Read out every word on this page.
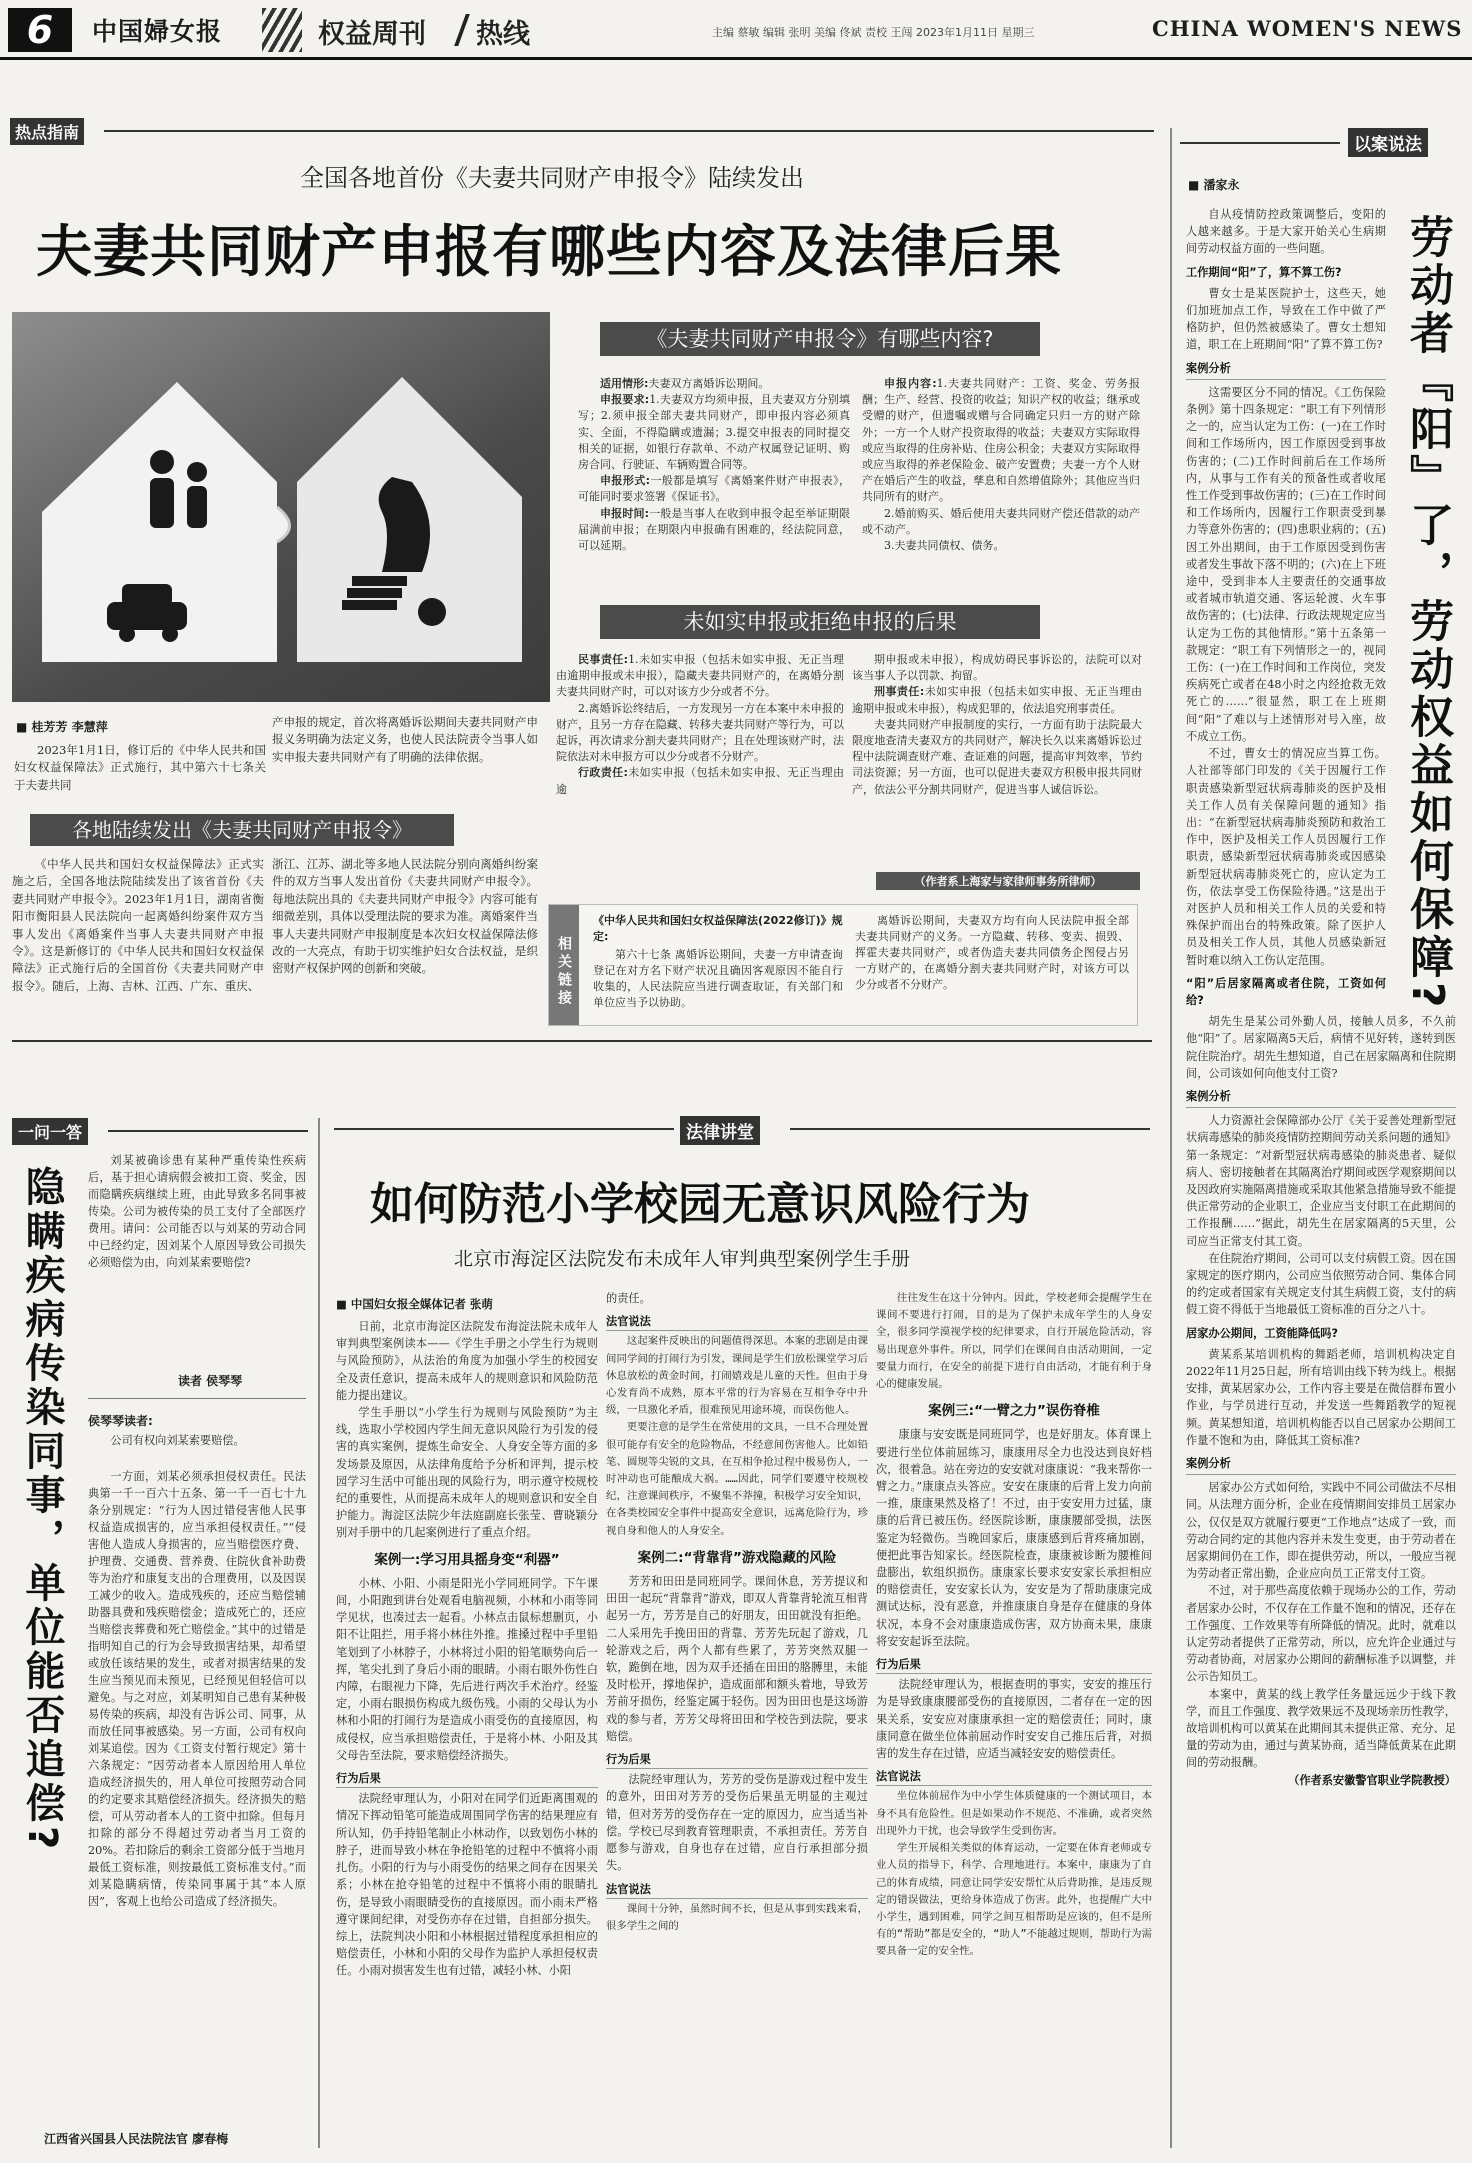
6	中国婦女报	权益周刊 热线	主编 蔡敏 编辑 张明 美编 佟斌 责校 王闯 2023年1月11日 星期三	CHINA WOMEN'S NEWS
热点指南
全国各地首份《夫妻共同财产申报令》陆续发出
夫妻共同财产申报有哪些内容及法律后果
■ 桂芳芳 李慧萍

2023年1月1日，修订后的《中华人民共和国妇女权益保障法》正式施行，其中第六十七条关于夫妻共同

产申报的规定，首次将离婚诉讼期间夫妻共同财产申报义务明确为法定义务，也使人民法院责令当事人如实申报夫妻共同财产有了明确的法律依据。

各地陆续发出《夫妻共同财产申报令》

《中华人民共和国妇女权益保障法》正式实施之后，全国各地法院陆续发出了该省首份《夫妻共同财产申报令》。2023年1月1日，湖南省衡阳市衡阳县人民法院向一起离婚纠纷案件双方当事人发出《离婚案件当事人夫妻共同财产申报令》。这是新修订的《中华人民共和国妇女权益保障法》正式施行后的全国首份《夫妻共同财产申报令》。随后，上海、吉林、江西、广东、重庆、

浙江、江苏、湖北等多地人民法院分别向离婚纠纷案件的双方当事人发出首份《夫妻共同财产申报令》。每地法院出具的《夫妻共同财产申报令》内容可能有细微差别，具体以受理法院的要求为准。离婚案件当事人夫妻共同财产申报制度是本次妇女权益保障法修改的一大亮点，有助于切实维护妇女合法权益，是织密财产权保护网的创新和突破。

《夫妻共同财产申报令》有哪些内容?

适用情形:夫妻双方离婚诉讼期间。

申报要求:1.夫妻双方均须申报，且夫妻双方分别填写；2.须申报全部夫妻共同财产，即申报内容必须真实、全面，不得隐瞒或遗漏；3.提交申报表的同时提交相关的证据，如银行存款单、不动产权属登记证明、购房合同、行驶证、车辆购置合同等。

申报形式:一般都是填写《离婚案件财产申报表》，可能同时要求签署《保证书》。

申报时间:一般是当事人在收到申报令起至举证期限届满前申报；在期限内申报确有困难的，经法院同意，可以延期。

申报内容:1.夫妻共同财产：工资、奖金、劳务报酬；生产、经营、投资的收益；知识产权的收益；继承或受赠的财产，但遗嘱或赠与合同确定只归一方的财产除外；一方一个人财产投资取得的收益；夫妻双方实际取得或应当取得的住房补贴、住房公积金；夫妻双方实际取得或应当取得的养老保险金、破产安置费；夫妻一方个人财产在婚后产生的收益，孳息和自然增值除外；其他应当归共同所有的财产。

2.婚前购买、婚后使用夫妻共同财产偿还借款的动产或不动产。

3.夫妻共同债权、债务。

未如实申报或拒绝申报的后果

民事责任:1.未如实申报（包括未如实申报、无正当理由逾期申报或未申报），隐藏夫妻共同财产的，在离婚分割夫妻共同财产时，可以对该方少分或者不分。

2.离婚诉讼终结后，一方发现另一方在本案中未申报的财产，且另一方存在隐藏、转移夫妻共同财产等行为，可以起诉，再次请求分割夫妻共同财产；且在处理该财产时，法院依法对未申报方可以少分或者不分财产。

行政责任:未如实申报（包括未如实申报、无正当理由逾

期申报或未申报），构成妨碍民事诉讼的，法院可以对该当事人予以罚款、拘留。

刑事责任:未如实申报（包括未如实申报、无正当理由逾期申报或未申报），构成犯罪的，依法追究刑事责任。

夫妻共同财产申报制度的实行，一方面有助于法院最大限度地查清夫妻双方的共同财产，解决长久以来离婚诉讼过程中法院调查财产难、查证难的问题，提高审判效率，节约司法资源；另一方面，也可以促进夫妻双方积极申报共同财产，依法公平分割共同财产，促进当事人诚信诉讼。

（作者系上海家与家律师事务所律师）
相关链接
《中华人民共和国妇女权益保障法(2022修订)》规定:

第六十七条 离婚诉讼期间，夫妻一方申请查询登记在对方名下财产状况且确因客观原因不能自行收集的，人民法院应当进行调查取证，有关部门和单位应当予以协助。

离婚诉讼期间，夫妻双方均有向人民法院申报全部夫妻共同财产的义务。一方隐藏、转移、变卖、损毁、挥霍夫妻共同财产，或者伪造夫妻共同债务企图侵占另一方财产的，在离婚分割夫妻共同财产时，对该方可以少分或者不分财产。

以案说法
■ 潘家永
劳动者『阳』了，劳动权益如何保障?

自从疫情防控政策调整后，变阳的人越来越多。于是大家开始关心生病期间劳动权益方面的一些问题。

工作期间“阳”了，算不算工伤?

曹女士是某医院护士，这些天，她们加班加点工作，导致在工作中做了严格防护，但仍然被感染了。曹女士想知道，职工在上班期间“阳”了算不算工伤?

案例分析

这需要区分不同的情况。《工伤保险条例》第十四条规定：“职工有下列情形之一的，应当认定为工伤：(一)在工作时间和工作场所内，因工作原因受到事故伤害的；(二)工作时间前后在工作场所内，从事与工作有关的预备性或者收尾性工作受到事故伤害的；(三)在工作时间和工作场所内，因履行工作职责受到暴力等意外伤害的；(四)患职业病的；(五)因工外出期间，由于工作原因受到伤害或者发生事故下落不明的；(六)在上下班途中，受到非本人主要责任的交通事故或者城市轨道交通、客运轮渡、火车事故伤害的；(七)法律、行政法规规定应当认定为工伤的其他情形。”第十五条第一款规定：“职工有下列情形之一的，视同工伤：(一)在工作时间和工作岗位，突发疾病死亡或者在48小时之内经抢救无效死亡的……”很显然，职工在上班期间“阳”了难以与上述情形对号入座，故不成立工伤。

不过，曹女士的情况应当算工伤。人社部等部门印发的《关于因履行工作职责感染新型冠状病毒肺炎的医护及相关工作人员有关保障问题的通知》指出：“在新型冠状病毒肺炎预防和救治工作中，医护及相关工作人员因履行工作职责，感染新型冠状病毒肺炎或因感染新型冠状病毒肺炎死亡的，应认定为工伤，依法享受工伤保险待遇。”这是出于对医护人员和相关工作人员的关爱和特殊保护而出台的特殊政策。除了医护人员及相关工作人员，其他人员感染新冠暂时难以纳入工伤认定范围。

“阳”后居家隔离或者住院，工资如何给?

胡先生是某公司外勤人员，接触人员多，不久前他“阳”了。居家隔离5天后，病情不见好转，遂转到医院住院治疗。胡先生想知道，自己在居家隔离和住院期间，公司该如何向他支付工资?

案例分析

人力资源社会保障部办公厅《关于妥善处理新型冠状病毒感染的肺炎疫情防控期间劳动关系问题的通知》第一条规定：“对新型冠状病毒感染的肺炎患者、疑似病人、密切接触者在其隔离治疗期间或医学观察期间以及因政府实施隔离措施或采取其他紧急措施导致不能提供正常劳动的企业职工，企业应当支付职工在此期间的工作报酬……”据此，胡先生在居家隔离的5天里，公司应当正常支付其工资。

在住院治疗期间，公司可以支付病假工资。因在国家规定的医疗期内，公司应当依照劳动合同、集体合同的约定或者国家有关规定支付其生病假工资，支付的病假工资不得低于当地最低工资标准的百分之八十。

居家办公期间，工资能降低吗?

黄某系某培训机构的舞蹈老师，培训机构决定自2022年11月25日起，所有培训由线下转为线上。根据安排，黄某居家办公，工作内容主要是在微信群布置小作业，与学员进行互动，并发送一些舞蹈教学的短视频。黄某想知道，培训机构能否以自己居家办公期间工作量不饱和为由，降低其工资标准?

案例分析

居家办公方式如何给，实践中不同公司做法不尽相同。从法理方面分析，企业在疫情期间安排员工居家办公，仅仅是双方就履行要更“工作地点”达成了一致，而劳动合同约定的其他内容并未发生变更，由于劳动者在居家期间仍在工作，即在提供劳动，所以，一般应当视为劳动者正常出勤，企业应向员工正常支付工资。

不过，对于那些高度依赖于现场办公的工作，劳动者居家办公时，不仅存在工作量不饱和的情况，还存在工作强度、工作效果等有所降低的情况。此时，就难以认定劳动者提供了正常劳动，所以，应允许企业通过与劳动者协商，对居家办公期间的薪酬标准予以调整，并公示告知员工。

本案中，黄某的线上教学任务量远远少于线下教学，而且工作强度、教学效果远不及现场亲历性教学，故培训机构可以黄某在此期间其未提供正常、充分、足量的劳动为由，通过与黄某协商，适当降低黄某在此期间的劳动报酬。

（作者系安徽警官职业学院教授）

一问一答
隐瞒疾病传染同事，单位能否追偿?

刘某被确诊患有某种严重传染性疾病后，基于担心请病假会被扣工资、奖金，因而隐瞒疾病继续上班，由此导致多名同事被传染。公司为被传染的员工支付了全部医疗费用。请问：公司能否以与刘某的劳动合同中已经约定，因刘某个人原因导致公司损失必须赔偿为由，向刘某索要赔偿?

读者 侯琴琴
侯琴琴读者:

公司有权向刘某索要赔偿。

一方面，刘某必须承担侵权责任。民法典第一千一百六十五条、第一千一百七十九条分别规定：“行为人因过错侵害他人民事权益造成损害的，应当承担侵权责任。”“侵害他人造成人身损害的，应当赔偿医疗费、护理费、交通费、营养费、住院伙食补助费等为治疗和康复支出的合理费用，以及因误工减少的收入。造成残疾的，还应当赔偿辅助器具费和残疾赔偿金；造成死亡的，还应当赔偿丧葬费和死亡赔偿金。”其中的过错是指明知自己的行为会导致损害结果，却希望或放任该结果的发生，或者对损害结果的发生应当预见而未预见，已经预见但轻信可以避免。与之对应，刘某明知自己患有某种极易传染的疾病，却没有告诉公司、同事，从而放任同事被感染。另一方面，公司有权向刘某追偿。因为《工资支付暂行规定》第十六条规定：“因劳动者本人原因给用人单位造成经济损失的，用人单位可按照劳动合同的约定要求其赔偿经济损失。经济损失的赔偿，可从劳动者本人的工资中扣除。但每月扣除的部分不得超过劳动者当月工资的20%。若扣除后的剩余工资部分低于当地月最低工资标准，则按最低工资标准支付。”而刘某隐瞒病情，传染同事属于其“本人原因”，客观上也给公司造成了经济损失。

江西省兴国县人民法院法官 廖春梅
法律讲堂
如何防范小学校园无意识风险行为
北京市海淀区法院发布未成年人审判典型案例学生手册
■ 中国妇女报全媒体记者 张萌

日前，北京市海淀区法院发布海淀法院未成年人审判典型案例读本——《学生手册之小学生行为规则与风险预防》，从法治的角度为加强小学生的校园安全及责任意识，提高未成年人的规则意识和风险防范能力提出建议。

学生手册以“小学生行为规则与风险预防”为主线，选取小学校园内学生间无意识风险行为引发的侵害的真实案例，提炼生命安全、人身安全等方面的多发场景及原因，从法律角度给予分析和评判，提示校园学习生活中可能出现的风险行为，明示遵守校规校纪的重要性，从而提高未成年人的规则意识和安全自护能力。海淀区法院少年法庭副庭长张莹、曹晓颖分别对手册中的几起案例进行了重点介绍。

案例一:学习用具摇身变“利器”

小林、小阳、小雨是阳光小学同班同学。下午课间，小阳跑到讲台处观看电脑视频，小林和小雨等同学见状，也凑过去一起看。小林点击鼠标想删页，小阳不让阻拦，用手将小林往外推。推搡过程中手里铅笔划到了小林脖子，小林将过小阳的铅笔顺势向后一挥，笔尖扎到了身后小雨的眼睛。小雨右眼外伤性白内障，右眼视力下降，先后进行两次手术治疗。经鉴定，小雨右眼损伤构成九级伤残。小雨的父母认为小林和小阳的打闹行为是造成小雨受伤的直接原因，构成侵权，应当承担赔偿责任，于是将小林、小阳及其父母告至法院，要求赔偿经济损失。

行为后果

法院经审理认为，小阳对在同学们近距离围观的情况下挥动铅笔可能造成周围同学伤害的结果理应有所认知，仍手持铅笔制止小林动作，以致划伤小林的脖子，进而导致小林在争抢铅笔的过程中不慎将小雨扎伤。小阳的行为与小雨受伤的结果之间存在因果关系；小林在抢夺铅笔的过程中不慎将小雨的眼睛扎伤，是导致小雨眼睛受伤的直接原因。而小雨未严格遵守课间纪律，对受伤亦存在过错，自担部分损失。综上，法院判决小阳和小林根据过错程度承担相应的赔偿责任，小林和小阳的父母作为监护人承担侵权责任。小雨对损害发生也有过错，减轻小林、小阳

的责任。

法官说法

这起案件反映出的问题值得深思。本案的悲剧是由课间同学间的打闹行为引发，课间是学生们放松课堂学习后休息放松的黄金时间，打闹嬉戏是儿童的天性。但由于身心发育尚不成熟，原本平常的行为容易在互相争夺中升级，一旦激化矛盾，很难预见用途环境，而误伤他人。

更要注意的是学生在常使用的文具，一旦不合理处置很可能存有安全的危险物品，不经意间伤害他人。比如铅笔、圆规等尖锐的文具，在互相争抢过程中极易伤人，一时冲动也可能酿成大祸。……因此，同学们要遵守校规校纪，注意课间秩序，不聚集不莽撞，积极学习安全知识，在各类校园安全事件中提高安全意识，远离危险行为，珍视自身和他人的人身安全。

案例二:“背靠背”游戏隐藏的风险

芳芳和田田是同班同学。课间休息，芳芳提议和田田一起玩“背靠背”游戏，即双人背靠背轮流互相背起另一方，芳芳是自己的好朋友，田田就没有拒绝。二人采用先手挽田田的背靠、芳芳先玩起了游戏，几轮游戏之后，两个人都有些累了，芳芳突然双腿一软，跪倒在地，因为双手还插在田田的胳膊里，未能及时松开，撑地保护，造成面部和额头着地，导致芳芳前牙损伤，经鉴定属于轻伤。因为田田也是这场游戏的参与者，芳芳父母将田田和学校告到法院，要求赔偿。

行为后果

法院经审理认为，芳芳的受伤是游戏过程中发生的意外，田田对芳芳的受伤后果虽无明显的主观过错，但对芳芳的受伤存在一定的原因力，应当适当补偿。学校已尽到教育管理职责，不承担责任。芳芳自愿参与游戏，自身也存在过错，应自行承担部分损失。

法官说法

课间十分钟，虽然时间不长，但是从事到实践来看，很多学生之间的

往往发生在这十分钟内。因此，学校老师会提醒学生在课间不要进行打闹，目的是为了保护未成年学生的人身安全，很多同学漠视学校的纪律要求，自行开展危险活动，容易出现意外事件。所以，同学们在课间自由活动期间，一定要量力而行，在安全的前提下进行自由活动，才能有利于身心的健康发展。

案例三:“一臂之力”误伤脊椎

康康与安安既是同班同学，也是好朋友。体育课上要进行坐位体前屈练习，康康用尽全力也没达到良好档次，很着急。站在旁边的安安就对康康说：“我来帮你一臂之力。”康康点头答应。安安在康康的后背上发力向前一推，康康果然及格了！不过，由于安安用力过猛，康康的后背已被压伤。经医院诊断，康康腰部受损，法医鉴定为轻微伤。当晚回家后，康康感到后背疼痛加剧，便把此事告知家长。经医院检查，康康被诊断为腰椎间盘膨出，软组织损伤。康康家长要求安安家长承担相应的赔偿责任，安安家长认为，安安是为了帮助康康完成测试达标，没有恶意，并推康康自身是存在健康的身体状况，本身不会对康康造成伤害，双方协商未果，康康将安安起诉至法院。

行为后果

法院经审理认为，根据查明的事实，安安的推压行为是导致康康腰部受伤的直接原因，二者存在一定的因果关系，安安应对康康承担一定的赔偿责任；同时，康康同意在做坐位体前屈动作时安安自己推压后背，对损害的发生存在过错，应适当减轻安安的赔偿责任。

法官说法

坐位体前屈作为中小学生体质健康的一个测试项目，本身不具有危险性。但是如果动作不规范、不准确，或者突然出现外力干扰，也会导致学生受到伤害。

学生开展相关类似的体育运动，一定要在体育老师或专业人员的指导下，科学、合理地进行。本案中，康康为了自己的体育成绩，同意让同学安安帮忙从后背助推，是违反规定的错误做法，更给身体造成了伤害。此外，也提醒广大中小学生，遇到困难，同学之间互相帮助是应该的，但不是所有的“帮助”都是安全的，“助人”不能越过规则，帮助行为需要具备一定的安全性。
